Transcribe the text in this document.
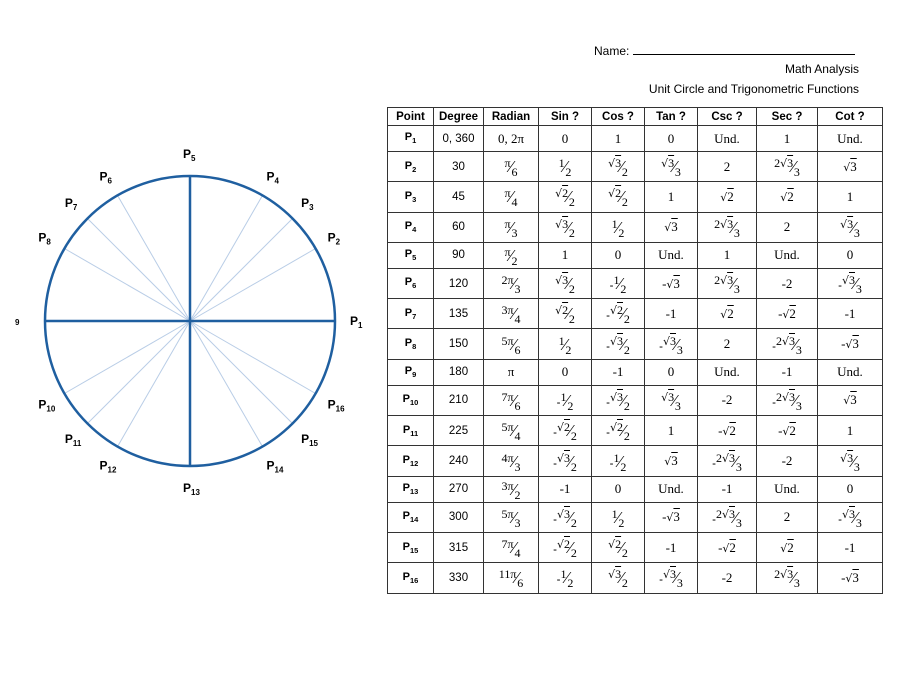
Name:
Math Analysis
Unit Circle and Trigonometric Functions
$P_1$
$P_2$
$P_3$
$P_4$
$P_5$
$P_6$
$P_7$
$P_8$
9
$P_{10}$
$P_{11}$
$P_{12}$
$P_{13}$
$P_{14}$
$P_{15}$
$P_{16}$
Point	Degree	Radian	Sin ?	Cos ?	Tan ?	Csc ?	Sec ?	Cot ?
$P_1$	0, 360	0, 2π	0	1	0	Und.	1	Und.
$P_2$	30	π⁄6	1⁄2	√3⁄2	√3⁄3	2	2√3⁄3	√3
$P_3$	45	π⁄4	√2⁄2	√2⁄2	1	√2	√2	1
$P_4$	60	π⁄3	√3⁄2	1⁄2	√3	2√3⁄3	2	√3⁄3
$P_5$	90	π⁄2	1	0	Und.	1	Und.	0
$P_6$	120	2π⁄3	√3⁄2	-1⁄2	-√3	2√3⁄3	-2	-√3⁄3
$P_7$	135	3π⁄4	√2⁄2	-√2⁄2	-1	√2	-√2	-1
$P_8$	150	5π⁄6	1⁄2	-√3⁄2	-√3⁄3	2	-2√3⁄3	-√3
$P_9$	180	π	0	-1	0	Und.	-1	Und.
$P_{10}$	210	7π⁄6	-1⁄2	-√3⁄2	√3⁄3	-2	-2√3⁄3	√3
$P_{11}$	225	5π⁄4	-√2⁄2	-√2⁄2	1	-√2	-√2	1
$P_{12}$	240	4π⁄3	-√3⁄2	-1⁄2	√3	-2√3⁄3	-2	√3⁄3
$P_{13}$	270	3π⁄2	-1	0	Und.	-1	Und.	0
$P_{14}$	300	5π⁄3	-√3⁄2	1⁄2	-√3	-2√3⁄3	2	-√3⁄3
$P_{15}$	315	7π⁄4	-√2⁄2	√2⁄2	-1	-√2	√2	-1
$P_{16}$	330	11π⁄6	-1⁄2	√3⁄2	-√3⁄3	-2	2√3⁄3	-√3
